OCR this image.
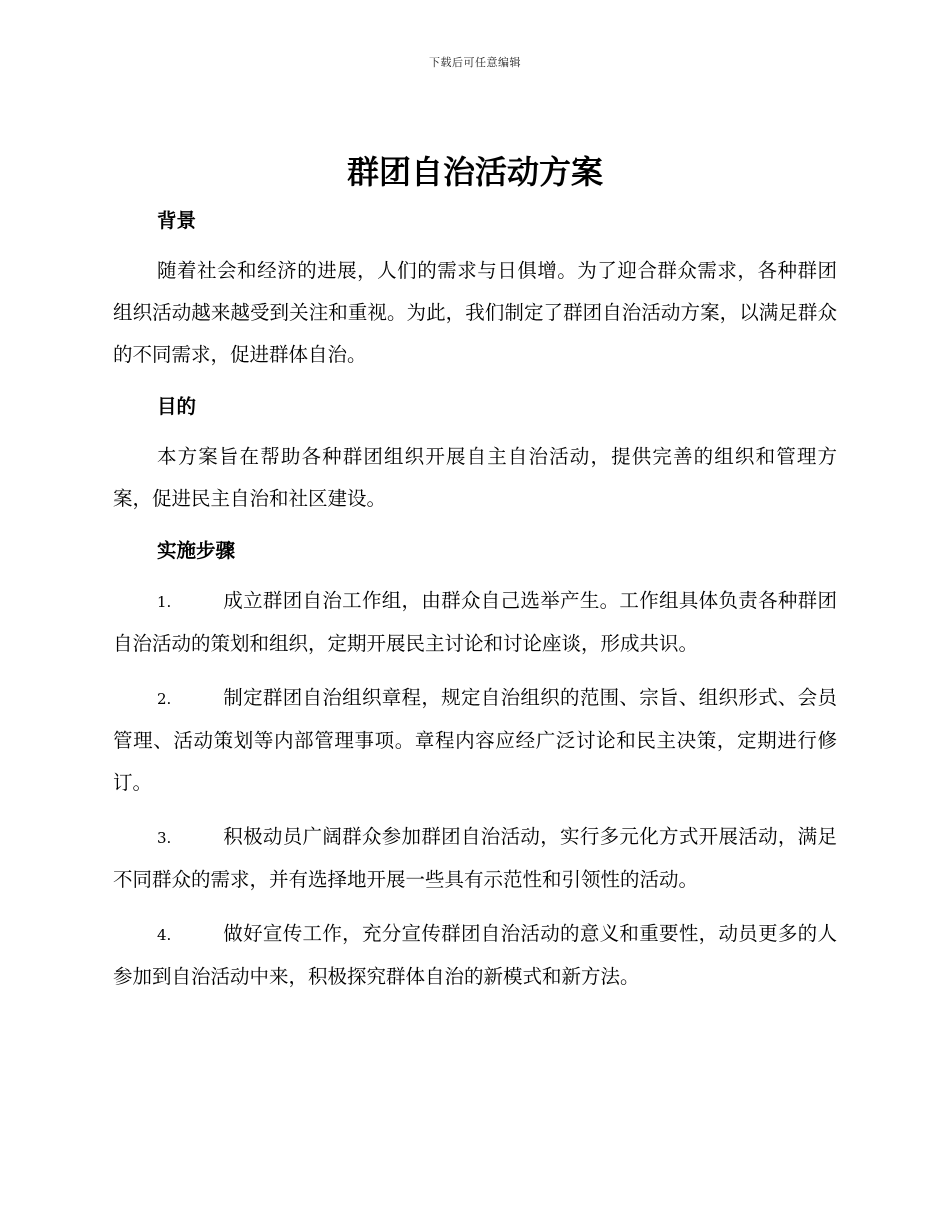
下载后可任意编辑
群团自治活动方案
背景

随着社会和经济的进展，人们的需求与日俱增。为了迎合群众需求，各种群团组织活动越来越受到关注和重视。为此，我们制定了群团自治活动方案，以满足群众的不同需求，促进群体自治。

目的

本方案旨在帮助各种群团组织开展自主自治活动，提供完善的组织和管理方案，促进民主自治和社区建设。

实施步骤

1.	成立群团自治工作组，由群众自己选举产生。工作组具体负责各种群团自治活动的策划和组织，定期开展民主讨论和讨论座谈，形成共识。

2.	制定群团自治组织章程，规定自治组织的范围、宗旨、组织形式、会员管理、活动策划等内部管理事项。章程内容应经广泛讨论和民主决策，定期进行修订。

3.	积极动员广阔群众参加群团自治活动，实行多元化方式开展活动，满足不同群众的需求，并有选择地开展一些具有示范性和引领性的活动。

4.	做好宣传工作，充分宣传群团自治活动的意义和重要性，动员更多的人参加到自治活动中来，积极探究群体自治的新模式和新方法。
